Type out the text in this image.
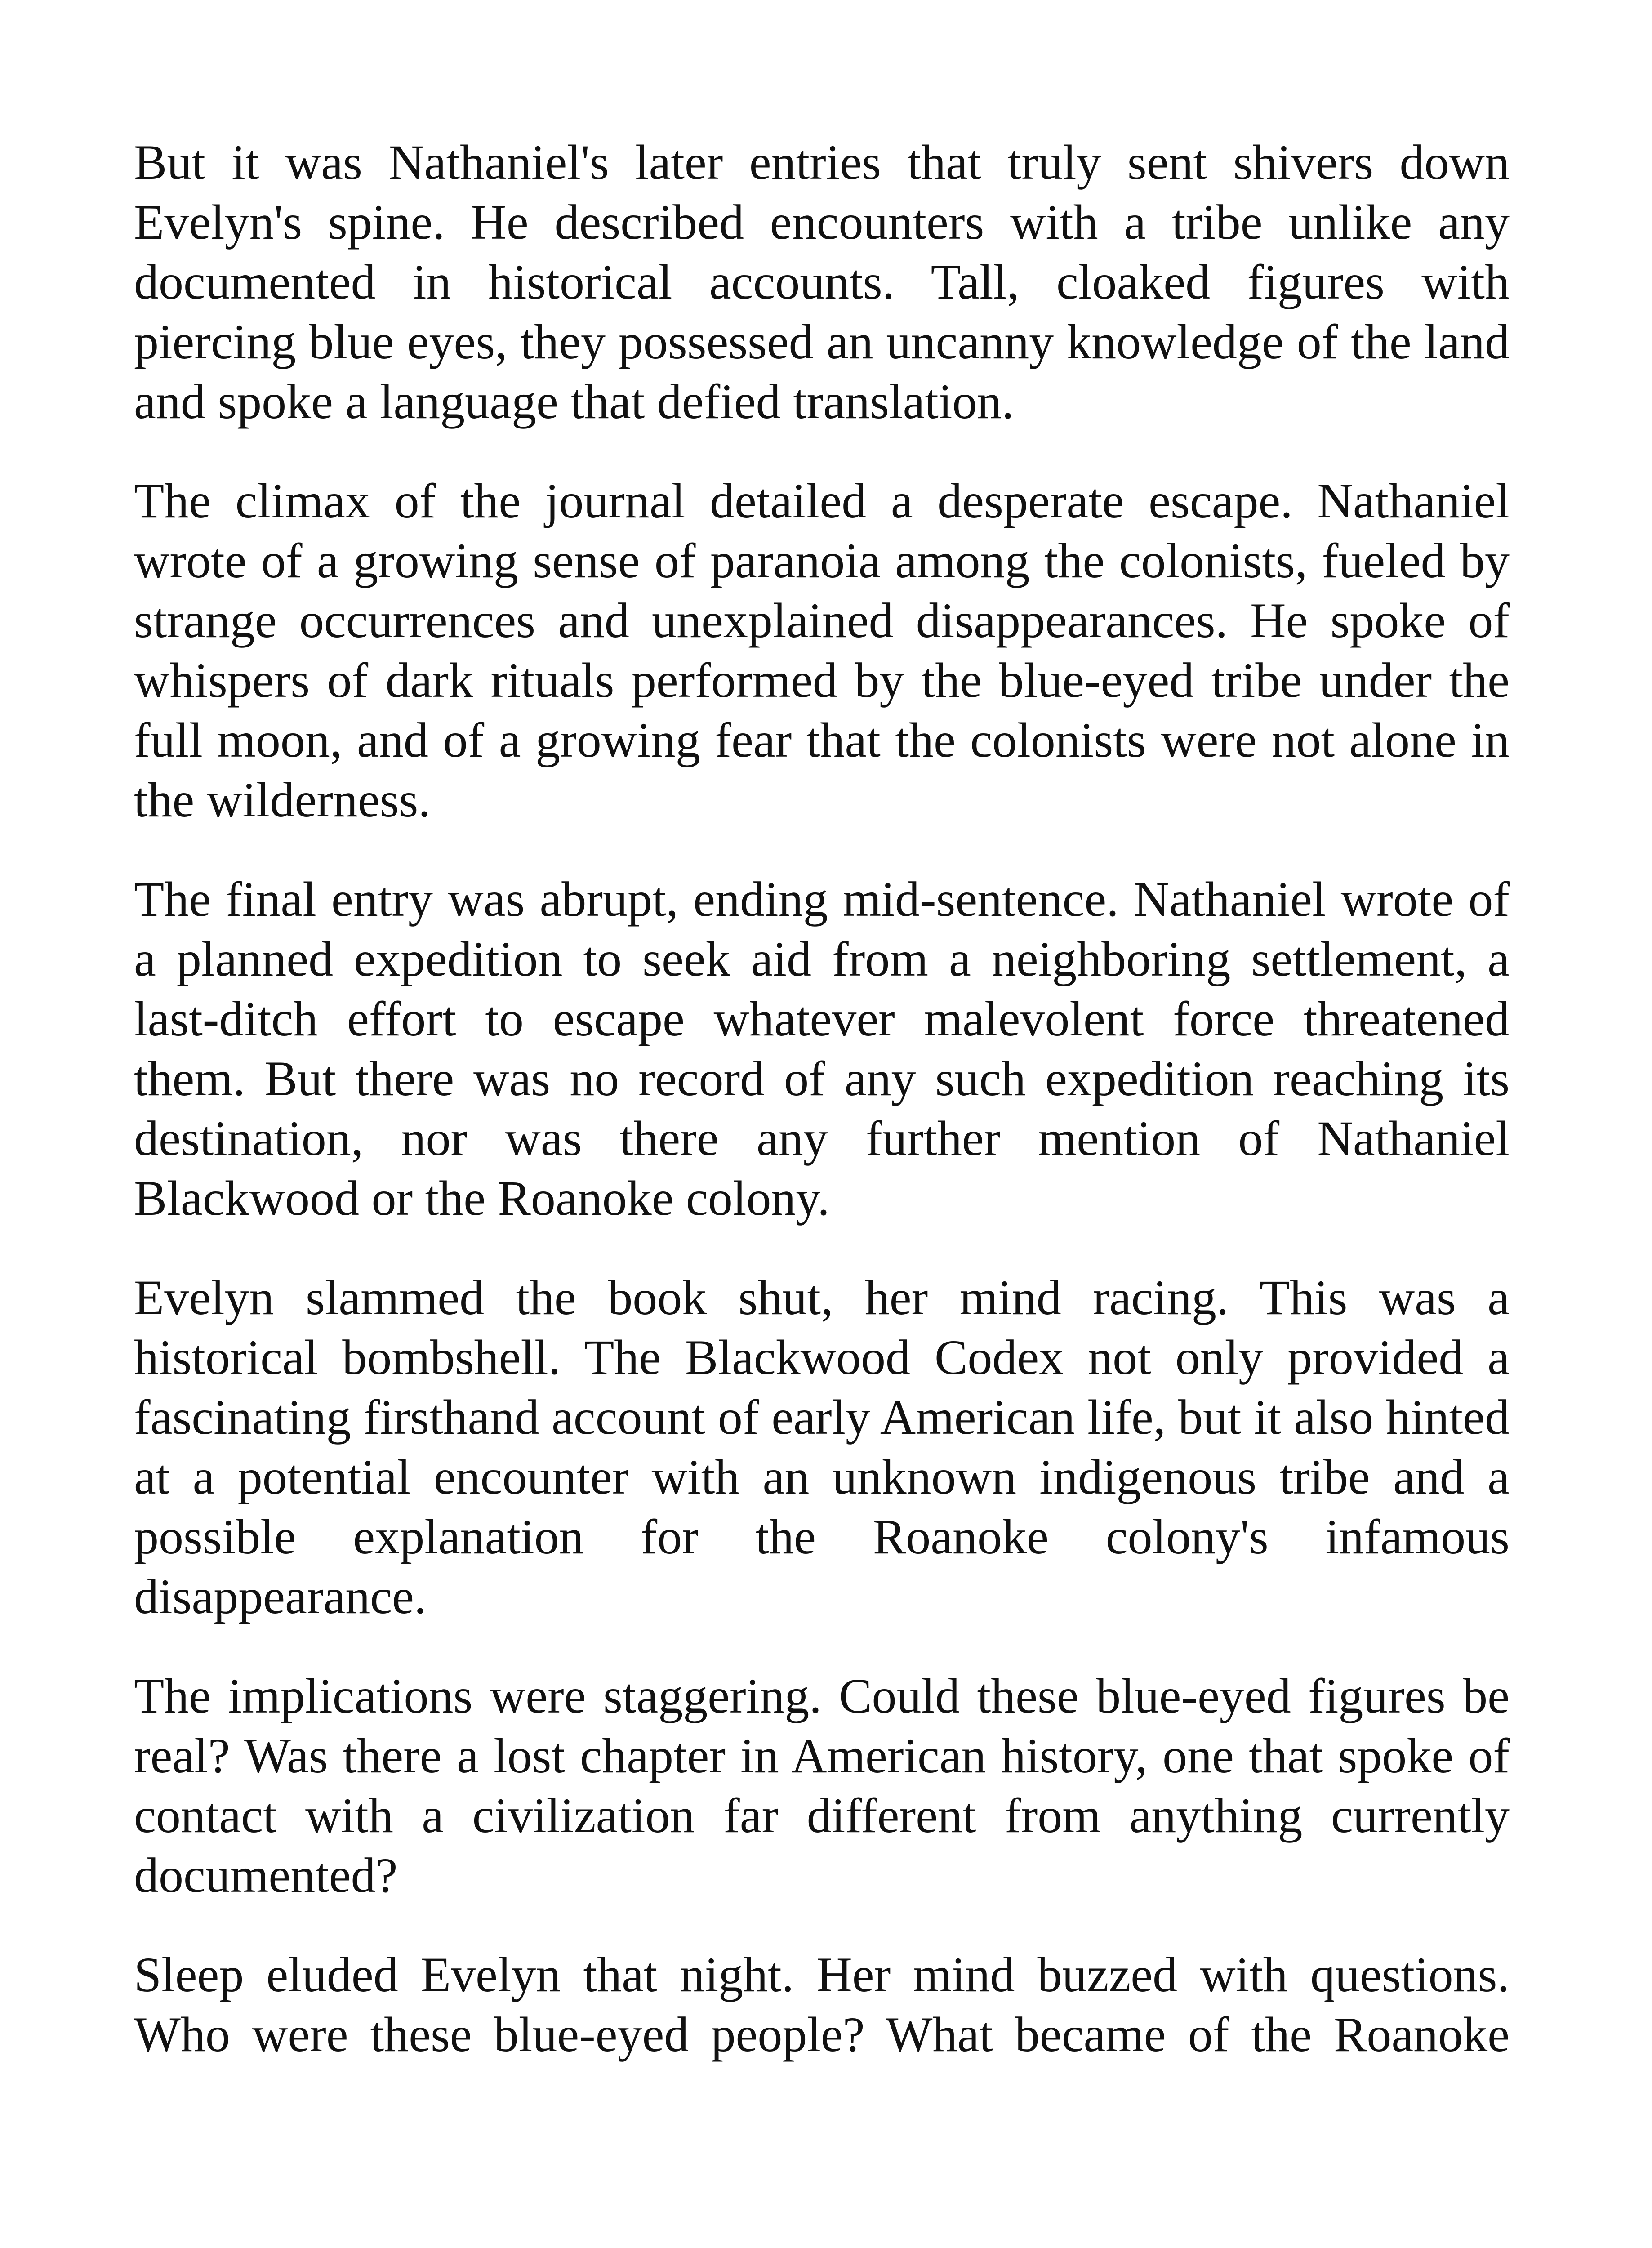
But it was Nathaniel's later entries that truly sent shivers down Evelyn's spine. He described encounters with a tribe unlike any documented in historical accounts. Tall, cloaked figures with piercing blue eyes, they possessed an uncanny knowledge of the land and spoke a language that defied translation.

The climax of the journal detailed a desperate escape. Nathaniel wrote of a growing sense of paranoia among the colonists, fueled by strange occurrences and unexplained disappearances. He spoke of whispers of dark rituals performed by the blue-eyed tribe under the full moon, and of a growing fear that the colonists were not alone in the wilderness.

The final entry was abrupt, ending mid-sentence. Nathaniel wrote of a planned expedition to seek aid from a neighboring settlement, a last-ditch effort to escape whatever malevolent force threatened them. But there was no record of any such expedition reaching its destination, nor was there any further mention of Nathaniel Blackwood or the Roanoke colony.

Evelyn slammed the book shut, her mind racing. This was a historical bombshell. The Blackwood Codex not only provided a fascinating firsthand account of early American life, but it also hinted at a potential encounter with an unknown indigenous tribe and a possible explanation for the Roanoke colony's infamous disappearance.

The implications were staggering. Could these blue-eyed figures be real? Was there a lost chapter in American history, one that spoke of contact with a civilization far different from anything currently documented?

Sleep eluded Evelyn that night. Her mind buzzed with questions. Who were these blue-eyed people? What became of the Roanoke
